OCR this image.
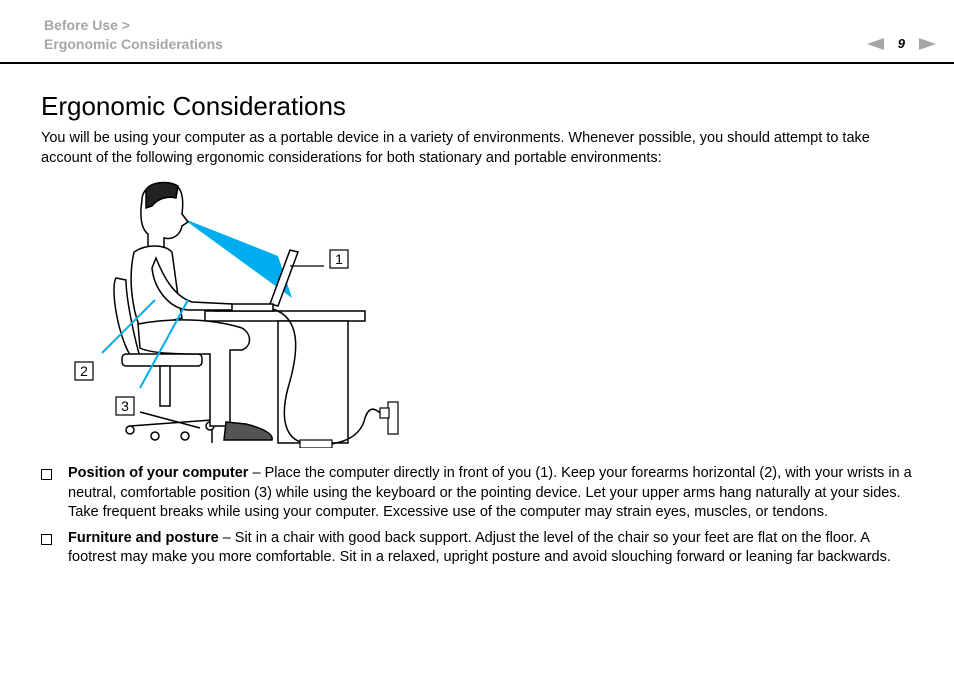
Before Use >
Ergonomic Considerations	9
Ergonomic Considerations

You will be using your computer as a portable device in a variety of environments. Whenever possible, you should attempt to take account of the following ergonomic considerations for both stationary and portable environments:

1
2
3
Position of your computer – Place the computer directly in front of you (1). Keep your forearms horizontal (2), with your wrists in a neutral, comfortable position (3) while using the keyboard or the pointing device. Let your upper arms hang naturally at your sides. Take frequent breaks while using your computer. Excessive use of the computer may strain eyes, muscles, or tendons.
Furniture and posture – Sit in a chair with good back support. Adjust the level of the chair so your feet are flat on the floor. A footrest may make you more comfortable. Sit in a relaxed, upright posture and avoid slouching forward or leaning far backwards.
